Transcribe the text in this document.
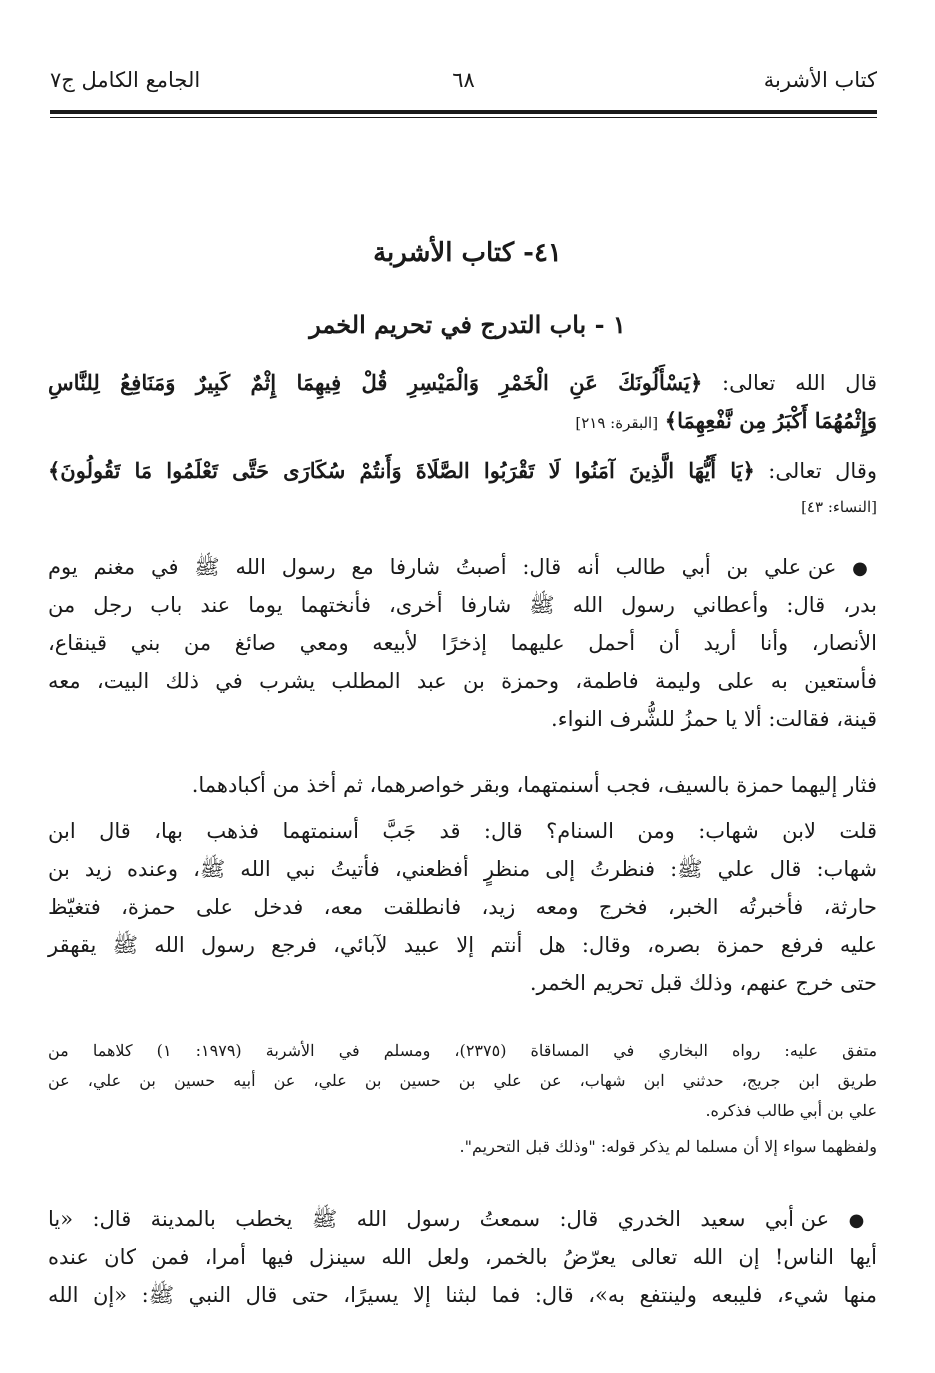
كتاب الأشربة
٦٨
الجامع الكامل ج٧
٤١- كتاب الأشربة
١ - باب التدرج في تحريم الخمر
قال الله تعالى: ﴿يَسْأَلُونَكَ عَنِ الْخَمْرِ وَالْمَيْسِرِ قُلْ فِيهِمَا إِثْمٌ كَبِيرٌ وَمَنَافِعُ لِلنَّاسِ
وَإِثْمُهُمَا أَكْبَرُ مِن نَّفْعِهِمَا﴾ [البقرة: ٢١٩]
وقال تعالى: ﴿يَا أَيُّهَا الَّذِينَ آمَنُوا لَا تَقْرَبُوا الصَّلَاةَ وَأَنتُمْ سُكَارَى حَتَّى تَعْلَمُوا مَا تَقُولُونَ﴾
[النساء: ٤٣]
● عن علي بن أبي طالب أنه قال: أصبتُ شارفا مع رسول الله ﷺ في مغنم يوم
بدر، قال: وأعطاني رسول الله ﷺ شارفا أخرى، فأنختهما يوما عند باب رجل من
الأنصار، وأنا أريد أن أحمل عليهما إذخرًا لأبيعه ومعي صائغ من بني قينقاع،
فأستعين به على وليمة فاطمة، وحمزة بن عبد المطلب يشرب في ذلك البيت، معه
قينة، فقالت: ألا يا حمزُ للشُّرف النواء.
فثار إليهما حمزة بالسيف، فجب أسنمتهما، وبقر خواصرهما، ثم أخذ من أكبادهما.
قلت لابن شهاب: ومن السنام؟ قال: قد جَبَّ أسنمتهما فذهب بها، قال ابن
شهاب: قال علي ﷺ: فنظرتُ إلى منظرٍ أفظعني، فأتيتُ نبي الله ﷺ، وعنده زيد بن
حارثة، فأخبرتُه الخبر، فخرج ومعه زيد، فانطلقت معه، فدخل على حمزة، فتغيّظ
عليه فرفع حمزة بصره، وقال: هل أنتم إلا عبيد لآبائي، فرجع رسول الله ﷺ يقهقر
حتى خرج عنهم، وذلك قبل تحريم الخمر.
متفق عليه: رواه البخاري في المساقاة (٢٣٧٥)، ومسلم في الأشربة (١٩٧٩: ١) كلاهما من
طريق ابن جريج، حدثني ابن شهاب، عن علي بن حسين بن علي، عن أبيه حسين بن علي، عن
علي بن أبي طالب فذكره.
ولفظهما سواء إلا أن مسلما لم يذكر قوله: "وذلك قبل التحريم".
● عن أبي سعيد الخدري قال: سمعتُ رسول الله ﷺ يخطب بالمدينة قال: «يا
أيها الناس! إن الله تعالى يعرّضُ بالخمر، ولعل الله سينزل فيها أمرا، فمن كان عنده
منها شيء، فليبعه ولينتفع به»، قال: فما لبثنا إلا يسيرًا، حتى قال النبي ﷺ: «إن الله
